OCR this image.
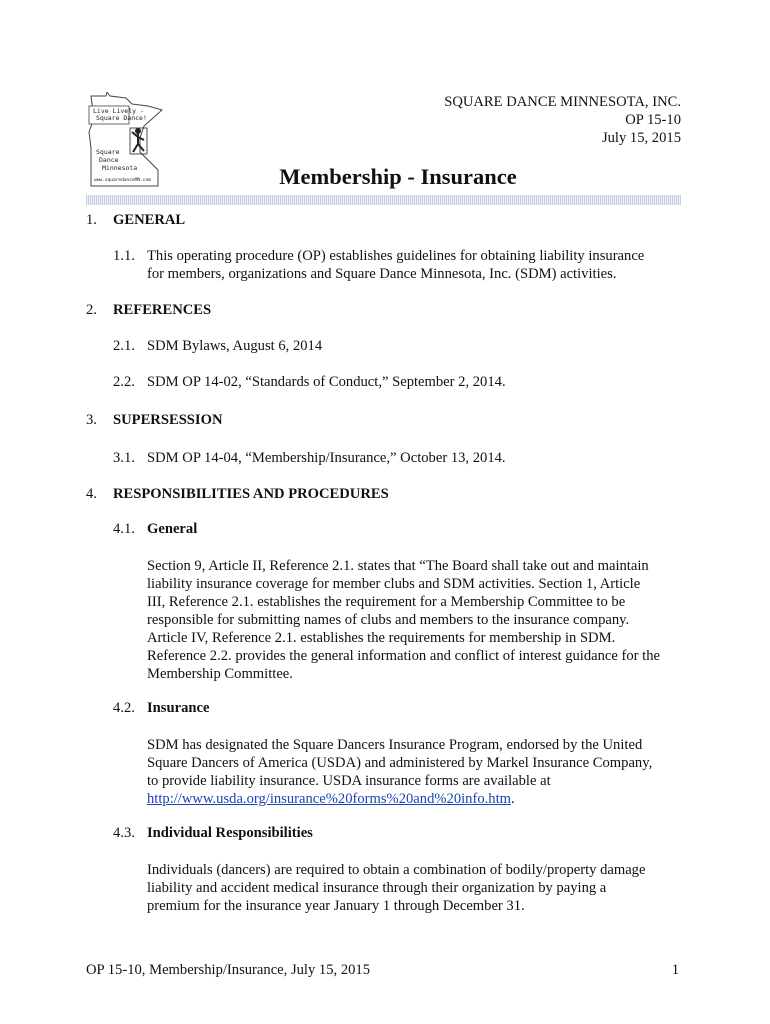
Live Lively -
Square Dance!
Square
Dance
Minnesota
www.squaredanceMN.com
SQUARE DANCE MINNESOTA, INC.
OP 15-10
July 15, 2015
Membership - Insurance
1. GENERAL
1.1. This operating procedure (OP) establishes guidelines for obtaining liability insurance
for members, organizations and Square Dance Minnesota, Inc. (SDM) activities.
2. REFERENCES
2.1. SDM Bylaws, August 6, 2014
2.2. SDM OP 14-02, “Standards of Conduct,” September 2, 2014.
3. SUPERSESSION
3.1. SDM OP 14-04, “Membership/Insurance,” October 13, 2014.
4. RESPONSIBILITIES AND PROCEDURES
4.1. General
Section 9, Article II, Reference 2.1. states that “The Board shall take out and maintain
liability insurance coverage for member clubs and SDM activities. Section 1, Article
III, Reference 2.1. establishes the requirement for a Membership Committee to be
responsible for submitting names of clubs and members to the insurance company.
Article IV, Reference 2.1. establishes the requirements for membership in SDM.
Reference 2.2. provides the general information and conflict of interest guidance for the
Membership Committee.
4.2. Insurance
SDM has designated the Square Dancers Insurance Program, endorsed by the United
Square Dancers of America (USDA) and administered by Markel Insurance Company,
to provide liability insurance. USDA insurance forms are available at
http://www.usda.org/insurance%20forms%20and%20info.htm.
4.3. Individual Responsibilities
Individuals (dancers) are required to obtain a combination of bodily/property damage
liability and accident medical insurance through their organization by paying a
premium for the insurance year January 1 through December 31.
OP 15-10, Membership/Insurance, July 15, 2015	1
